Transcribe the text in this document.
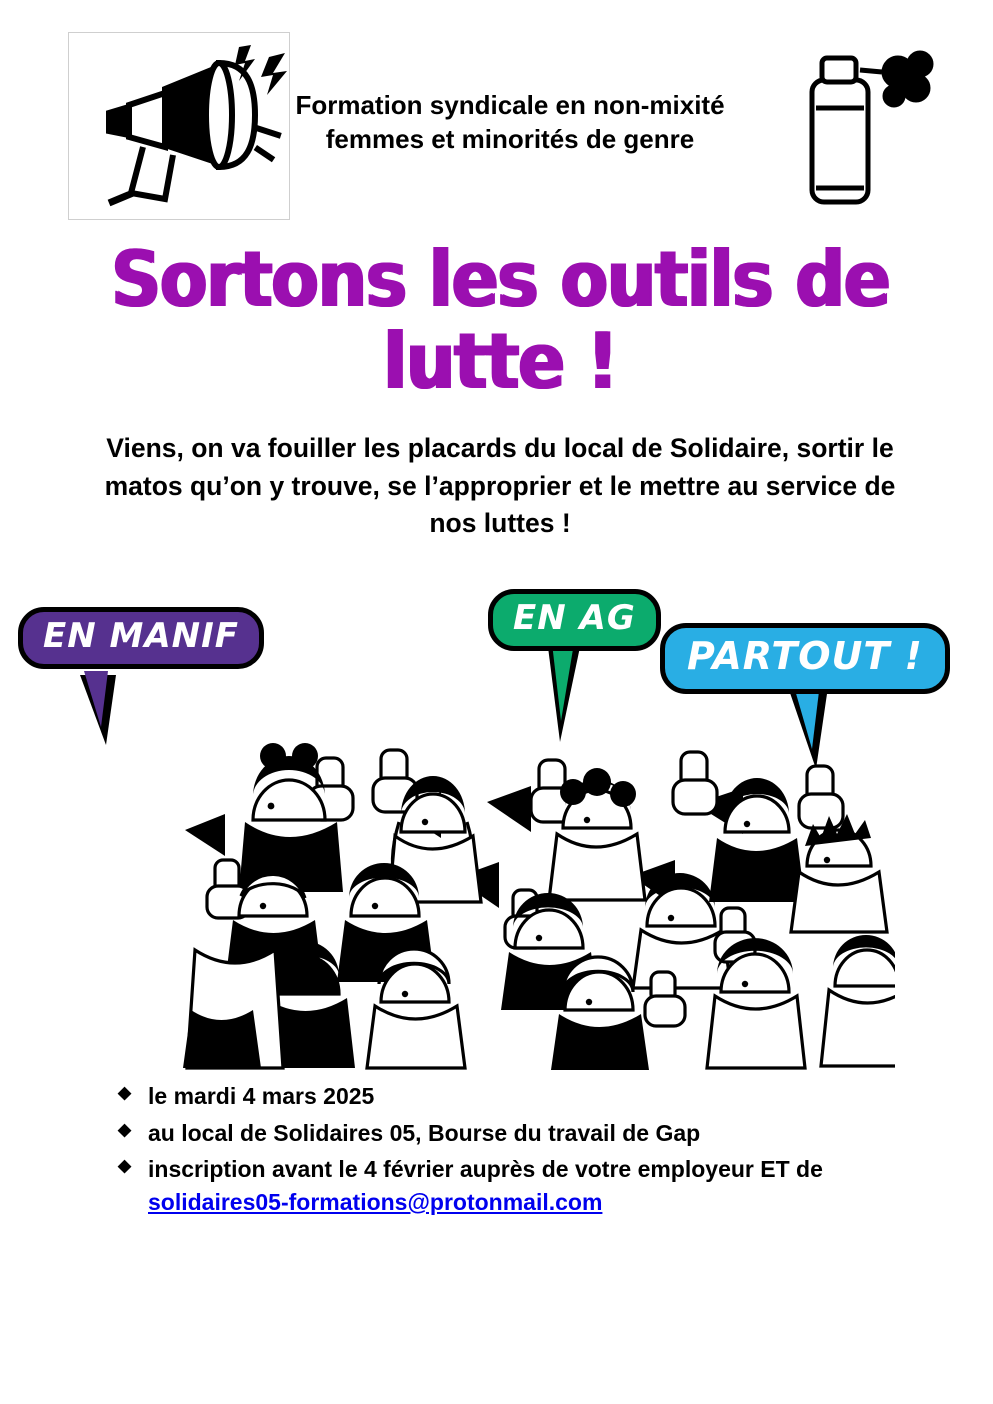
Formation syndicale en non-mixité femmes et minorités de genre
Sortons les outils de lutte !
Viens, on va fouiller les placards du local de Solidaire, sortir le matos qu’on y trouve, se l’approprier et le mettre au service de nos luttes !
EN MANIF	EN AG
PARTOUT !
◆ le mardi 4 mars 2025
◆ au local de Solidaires 05, Bourse du travail de Gap
◆ inscription avant le 4 février auprès de votre employeur ET de solidaires05-formations@protonmail.com
